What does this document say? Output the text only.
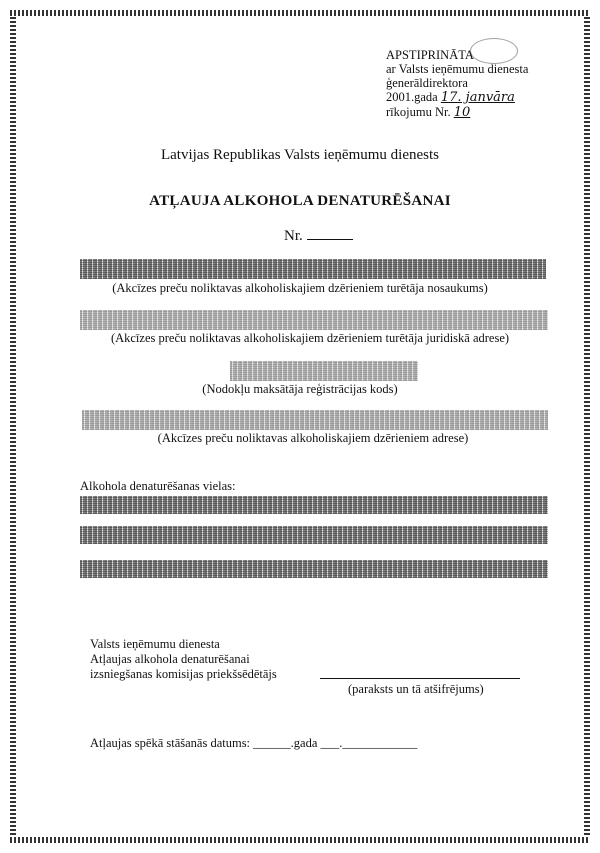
APSTIPRINĀTA
ar Valsts ieņēmumu dienesta
ģenerāldirektora
2001.gada 17. janvāra
rīkojumu Nr. 10
Latvijas Republikas Valsts ieņēmumu dienests
ATĻAUJA ALKOHOLA DENATURĒŠANAI
Nr.
(Akcīzes preču noliktavas alkoholiskajiem dzērieniem turētāja nosaukums)
(Akcīzes preču noliktavas alkoholiskajiem dzērieniem turētāja juridiskā adrese)
(Nodokļu maksātāja reģistrācijas kods)
(Akcīzes preču noliktavas alkoholiskajiem dzērieniem adrese)
Alkohola denaturēšanas vielas:
Valsts ieņēmumu dienesta
Atļaujas alkohola denaturēšanai
izsniegšanas komisijas priekšsēdētājs
(paraksts un tā atšifrējums)
Atļaujas spēkā stāšanās datums: ______.gada ___.____________
